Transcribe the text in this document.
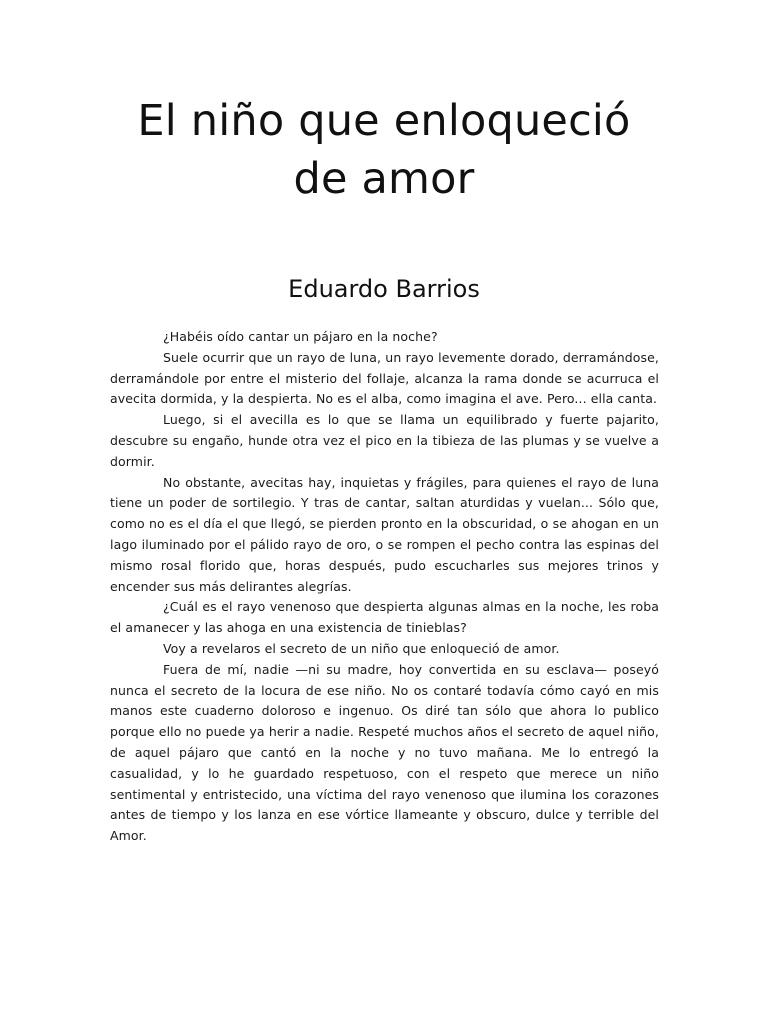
El niño que enloqueció
de amor
Eduardo Barrios

¿Habéis oído cantar un pájaro en la noche?

Suele ocurrir que un rayo de luna, un rayo levemente dorado, derramándose, derramándole por entre el misterio del follaje, alcanza la rama donde se acurruca el avecita dormida, y la despierta. No es el alba, como imagina el ave. Pero... ella canta.

Luego, si el avecilla es lo que se llama un equilibrado y fuerte pajarito, descubre su engaño, hunde otra vez el pico en la tibieza de las plumas y se vuelve a dormir.

No obstante, avecitas hay, inquietas y frágiles, para quienes el rayo de luna tiene un poder de sortilegio. Y tras de cantar, saltan aturdidas y vuelan... Sólo que, como no es el día el que llegó, se pierden pronto en la obscuridad, o se ahogan en un lago iluminado por el pálido rayo de oro, o se rompen el pecho contra las espinas del mismo rosal florido que, horas después, pudo escucharles sus mejores trinos y encender sus más delirantes alegrías.

¿Cuál es el rayo venenoso que despierta algunas almas en la noche, les roba el amanecer y las ahoga en una existencia de tinieblas?

Voy a revelaros el secreto de un niño que enloqueció de amor.

Fuera de mí, nadie —ni su madre, hoy convertida en su esclava— poseyó nunca el secreto de la locura de ese niño. No os contaré todavía cómo cayó en mis manos este cuaderno doloroso e ingenuo. Os diré tan sólo que ahora lo publico porque ello no puede ya herir a nadie. Respeté muchos años el secreto de aquel niño, de aquel pájaro que cantó en la noche y no tuvo mañana. Me lo entregó la casualidad, y lo he guardado respetuoso, con el respeto que merece un niño sentimental y entristecido, una víctima del rayo venenoso que ilumina los corazones antes de tiempo y los lanza en ese vórtice llameante y obscuro, dulce y terrible del Amor.
